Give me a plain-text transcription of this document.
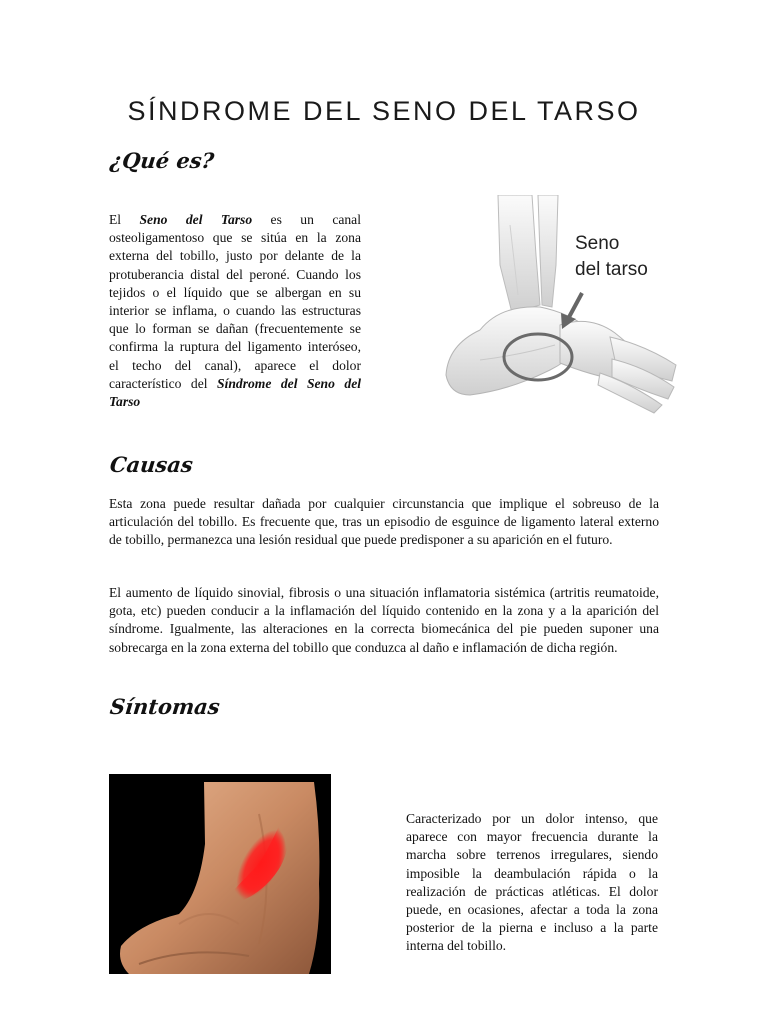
SÍNDROME DEL SENO DEL TARSO
¿Qué es?

El Seno del Tarso es un canal osteoligamentoso que se sitúa en la zona externa del tobillo, justo por delante de la protuberancia distal del peroné. Cuando los tejidos o el líquido que se albergan en su interior se inflama, o cuando las estructuras que lo forman se dañan (frecuentemente se confirma la ruptura del ligamento interóseo, el techo del canal), aparece el dolor característico del Síndrome del Seno del Tarso

Seno
del tarso
Causas

Esta zona puede resultar dañada por cualquier circunstancia que implique el sobreuso de la articulación del tobillo. Es frecuente que, tras un episodio de esguince de ligamento lateral externo de tobillo, permanezca una lesión residual que puede predisponer a su aparición en el futuro.

El aumento de líquido sinovial, fibrosis o una situación inflamatoria sistémica (artritis reumatoide, gota, etc) pueden conducir a la inflamación del líquido contenido en la zona y a la aparición del síndrome. Igualmente, las alteraciones en la correcta biomecánica del pie pueden suponer una sobrecarga en la zona externa del tobillo que conduzca al daño e inflamación de dicha región.

Síntomas

Caracterizado por un dolor intenso, que aparece con mayor frecuencia durante la marcha sobre terrenos irregulares, siendo imposible la deambulación rápida o la realización de prácticas atléticas. El dolor puede, en ocasiones, afectar a toda la zona posterior de la pierna e incluso a la parte interna del tobillo.
